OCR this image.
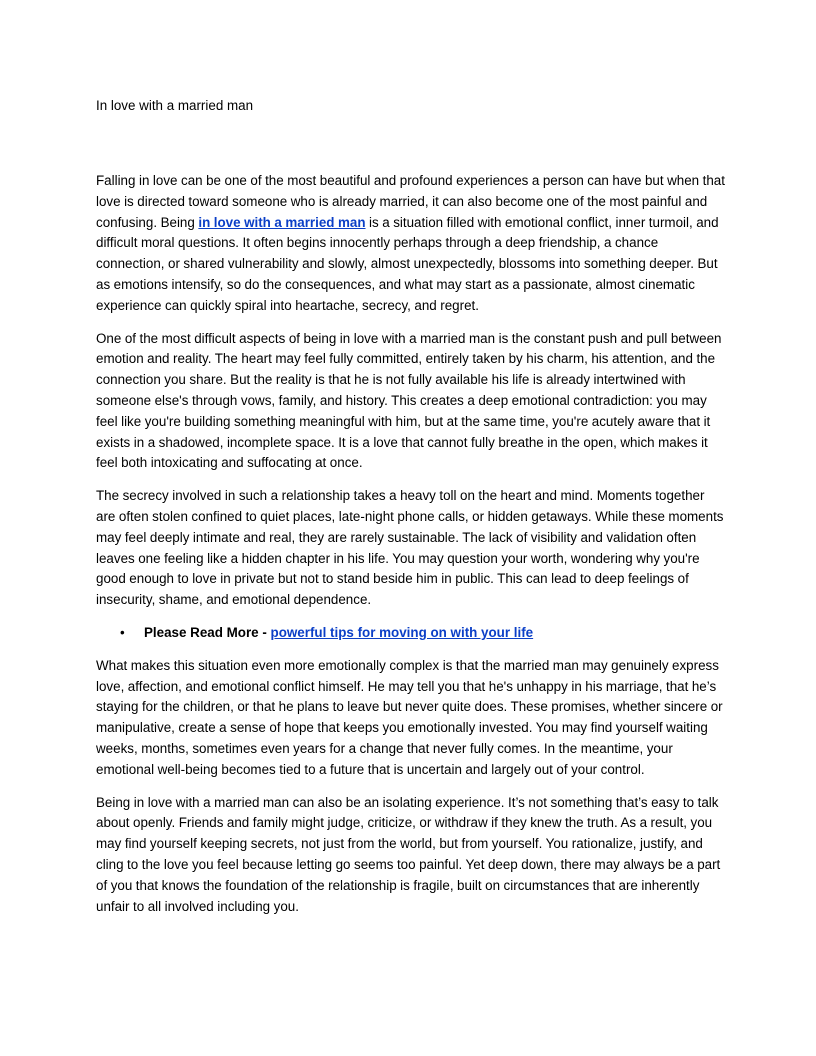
In love with a married man

Falling in love can be one of the most beautiful and profound experiences a person can have but when that love is directed toward someone who is already married, it can also become one of the most painful and confusing. Being in love with a married man is a situation filled with emotional conflict, inner turmoil, and difficult moral questions. It often begins innocently perhaps through a deep friendship, a chance connection, or shared vulnerability and slowly, almost unexpectedly, blossoms into something deeper. But as emotions intensify, so do the consequences, and what may start as a passionate, almost cinematic experience can quickly spiral into heartache, secrecy, and regret.

One of the most difficult aspects of being in love with a married man is the constant push and pull between emotion and reality. The heart may feel fully committed, entirely taken by his charm, his attention, and the connection you share. But the reality is that he is not fully available his life is already intertwined with someone else's through vows, family, and history. This creates a deep emotional contradiction: you may feel like you're building something meaningful with him, but at the same time, you're acutely aware that it exists in a shadowed, incomplete space. It is a love that cannot fully breathe in the open, which makes it feel both intoxicating and suffocating at once.

The secrecy involved in such a relationship takes a heavy toll on the heart and mind. Moments together are often stolen confined to quiet places, late-night phone calls, or hidden getaways. While these moments may feel deeply intimate and real, they are rarely sustainable. The lack of visibility and validation often leaves one feeling like a hidden chapter in his life. You may question your worth, wondering why you're good enough to love in private but not to stand beside him in public. This can lead to deep feelings of insecurity, shame, and emotional dependence.

• Please Read More - powerful tips for moving on with your life

What makes this situation even more emotionally complex is that the married man may genuinely express love, affection, and emotional conflict himself. He may tell you that he's unhappy in his marriage, that he’s staying for the children, or that he plans to leave but never quite does. These promises, whether sincere or manipulative, create a sense of hope that keeps you emotionally invested. You may find yourself waiting weeks, months, sometimes even years for a change that never fully comes. In the meantime, your emotional well-being becomes tied to a future that is uncertain and largely out of your control.

Being in love with a married man can also be an isolating experience. It’s not something that’s easy to talk about openly. Friends and family might judge, criticize, or withdraw if they knew the truth. As a result, you may find yourself keeping secrets, not just from the world, but from yourself. You rationalize, justify, and cling to the love you feel because letting go seems too painful. Yet deep down, there may always be a part of you that knows the foundation of the relationship is fragile, built on circumstances that are inherently unfair to all involved including you.
